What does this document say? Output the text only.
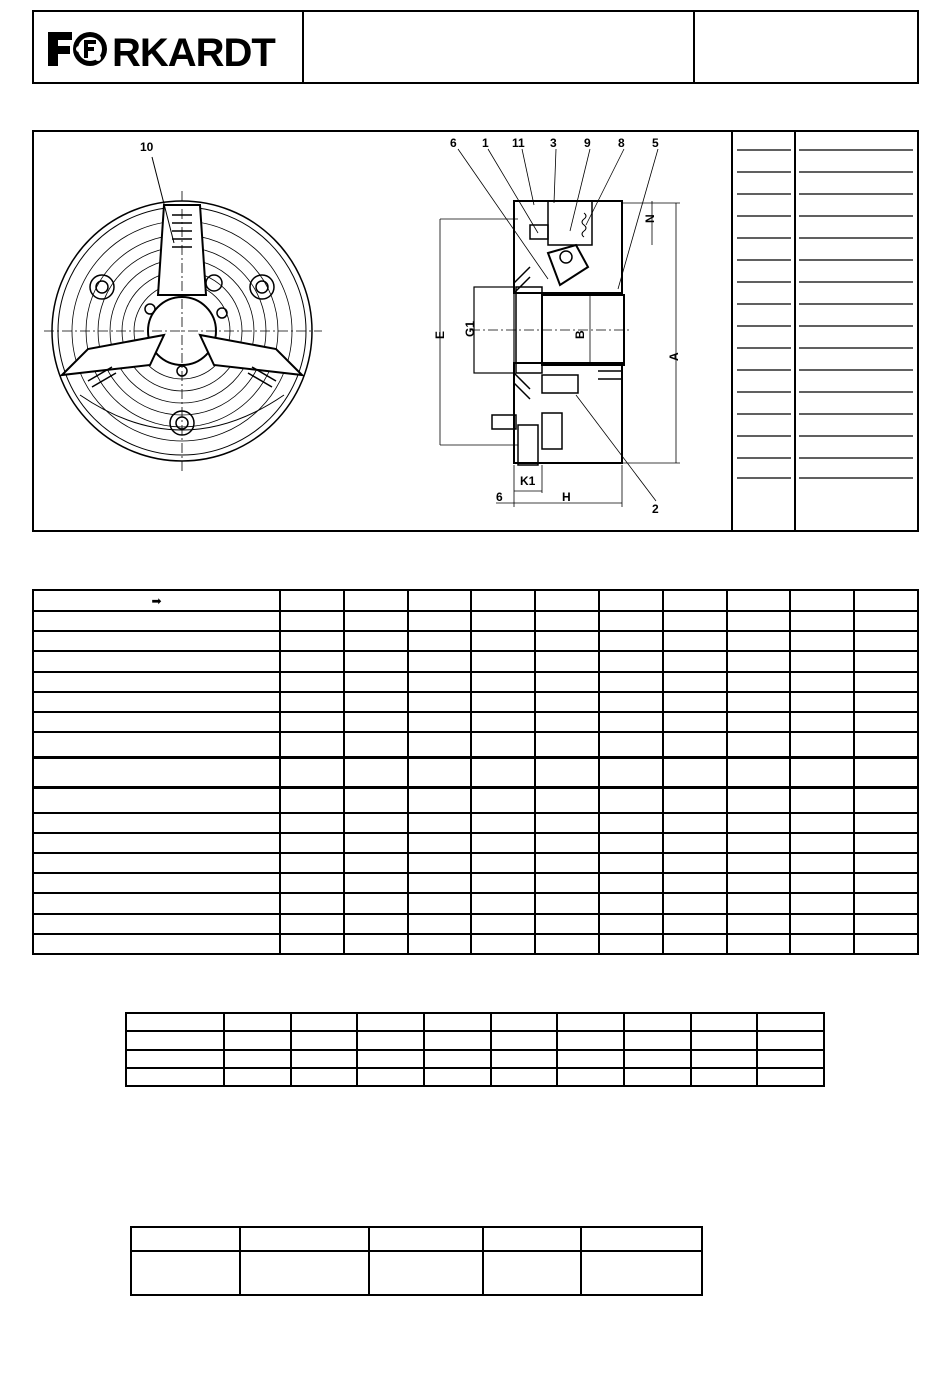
RKARDT
10	6 1 11 3 9 8 5
2
E G1	B
A
N
K1
H
6
➡										
